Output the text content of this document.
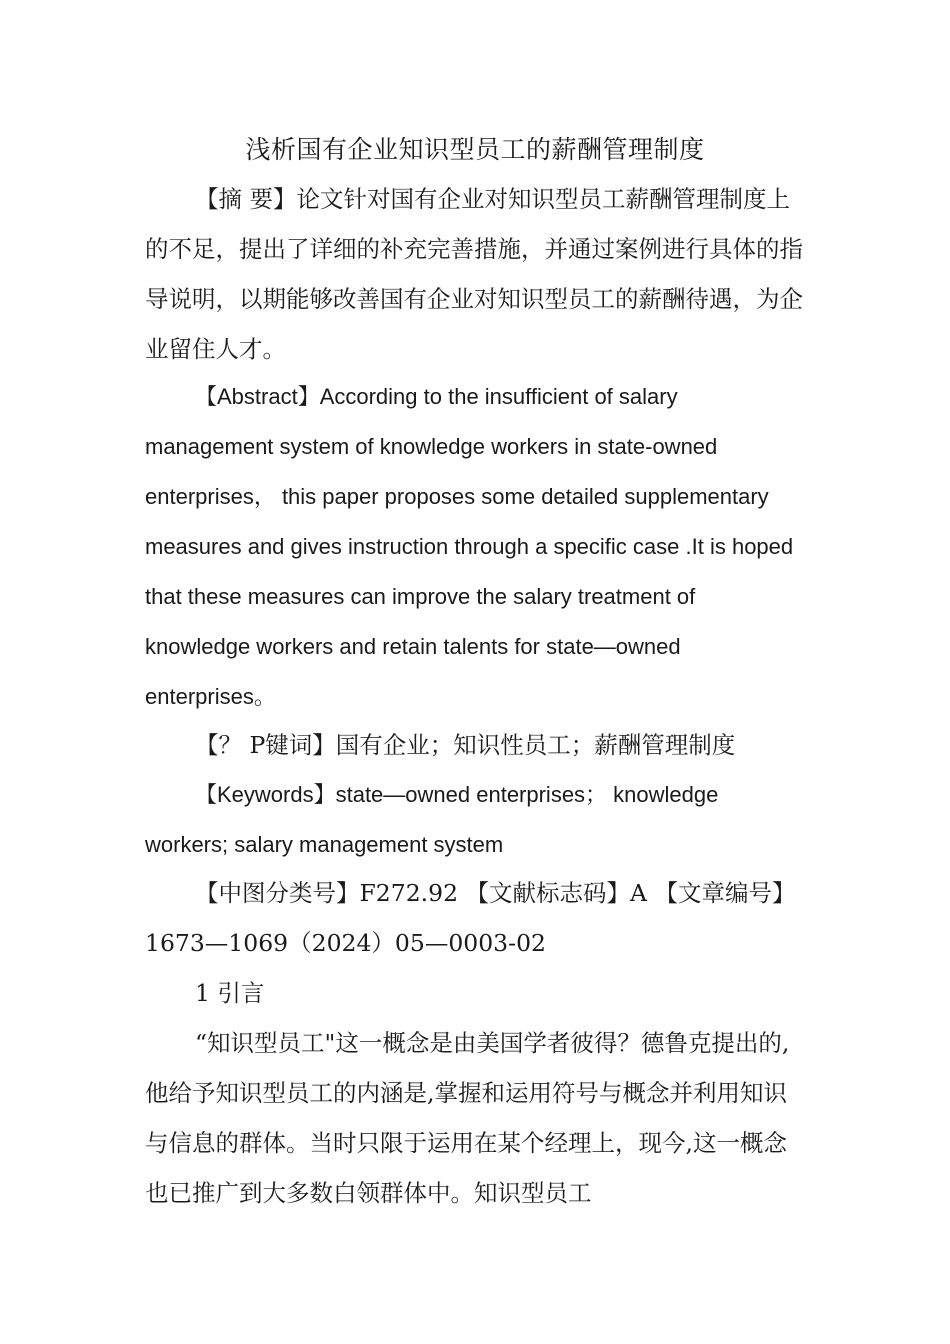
浅析国有企业知识型员工的薪酬管理制度

【摘 要】论文针对国有企业对知识型员工薪酬管理制度上的不足，提出了详细的补充完善措施，并通过案例进行具体的指导说明，以期能够改善国有企业对知识型员工的薪酬待遇，为企业留住人才。

【Abstract】According to the insufficient of salary management system of knowledge workers in state-owned enterprises， this paper proposes some detailed supplementary measures and gives instruction through a specific case .It is hoped that these measures can improve the salary treatment of knowledge workers and retain talents for state—owned enterprises。

【？ P键词】国有企业；知识性员工；薪酬管理制度

【Keywords】state—owned enterprises； knowledge workers; salary management system

【中图分类号】F272.92 【文献标志码】A 【文章编号】1673—1069（2024）05—0003-02

1 引言

“知识型员工"这一概念是由美国学者彼得？德鲁克提出的,他给予知识型员工的内涵是,掌握和运用符号与概念并利用知识与信息的群体。当时只限于运用在某个经理上，现今,这一概念也已推广到大多数白领群体中。知识型员工
